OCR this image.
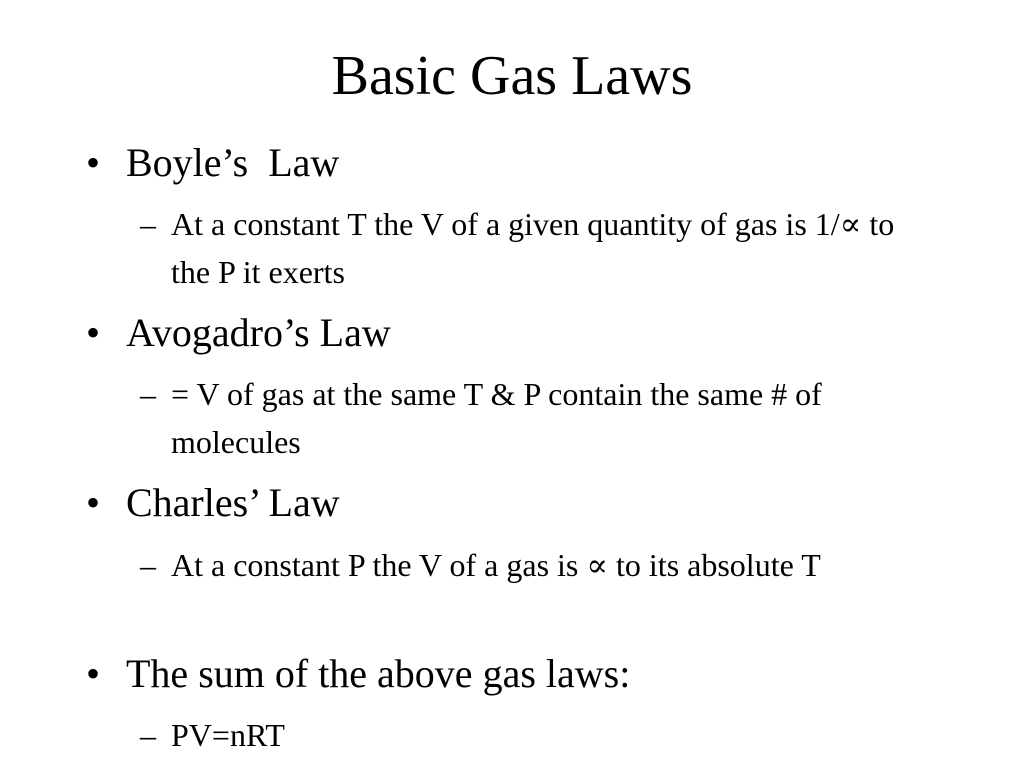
Basic Gas Laws
• Boyle’s  Law
– At a constant T the V of a given quantity of gas is 1/∝ to the P it exerts
• Avogadro’s Law
– = V of gas at the same T & P contain the same # of molecules
• Charles’ Law
– At a constant P the V of a gas is ∝ to its absolute T
• The sum of the above gas laws:
– PV=nRT
